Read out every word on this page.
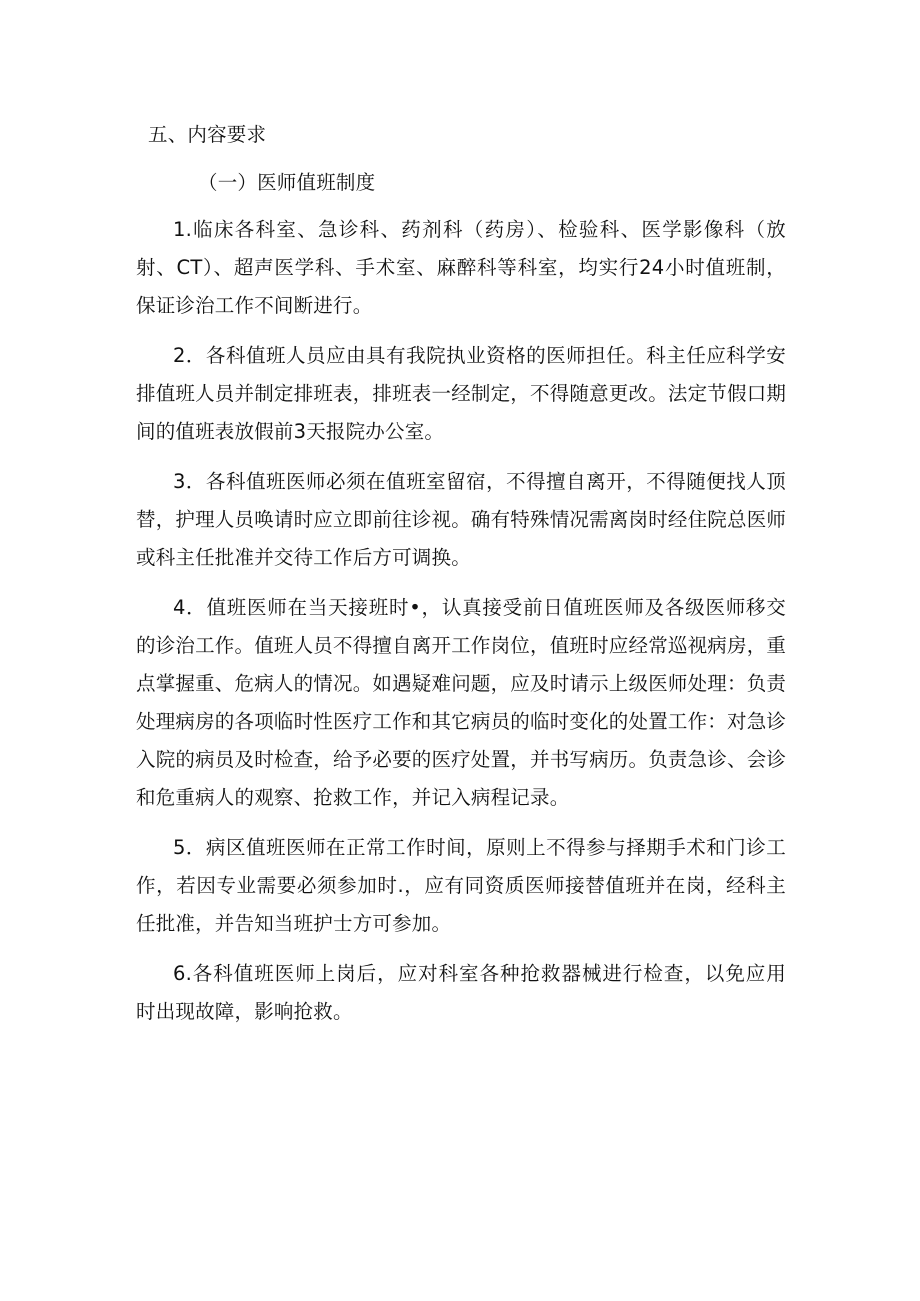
五、内容要求
（一）医师值班制度
1.临床各科室、急诊科、药剂科（药房）、检验科、医学影像科（放
射、CT）、超声医学科、手术室、麻醉科等科室，均实行24小时值班制，
保证诊治工作不间断进行。
2．各科值班人员应由具有我院执业资格的医师担任。科主任应科学安
排值班人员并制定排班表，排班表一经制定，不得随意更改。法定节假口期
间的值班表放假前3天报院办公室。
3．各科值班医师必须在值班室留宿，不得擅自离开，不得随便找人顶
替，护理人员唤请时应立即前往诊视。确有特殊情况需离岗时经住院总医师
或科主任批准并交待工作后方可调换。
4．值班医师在当天接班时•，认真接受前日值班医师及各级医师移交
的诊治工作。值班人员不得擅自离开工作岗位，值班时应经常巡视病房，重
点掌握重、危病人的情况。如遇疑难问题，应及时请示上级医师处理：负责
处理病房的各项临时性医疗工作和其它病员的临时变化的处置工作：对急诊
入院的病员及时检查，给予必要的医疗处置，并书写病历。负责急诊、会诊
和危重病人的观察、抢救工作，并记入病程记录。
5．病区值班医师在正常工作时间，原则上不得参与择期手术和门诊工
作，若因专业需要必须参加时.，应有同资质医师接替值班并在岗，经科主
任批准，并告知当班护士方可参加。
6.各科值班医师上岗后，应对科室各种抢救器械进行检查，以免应用
时出现故障，影响抢救。
